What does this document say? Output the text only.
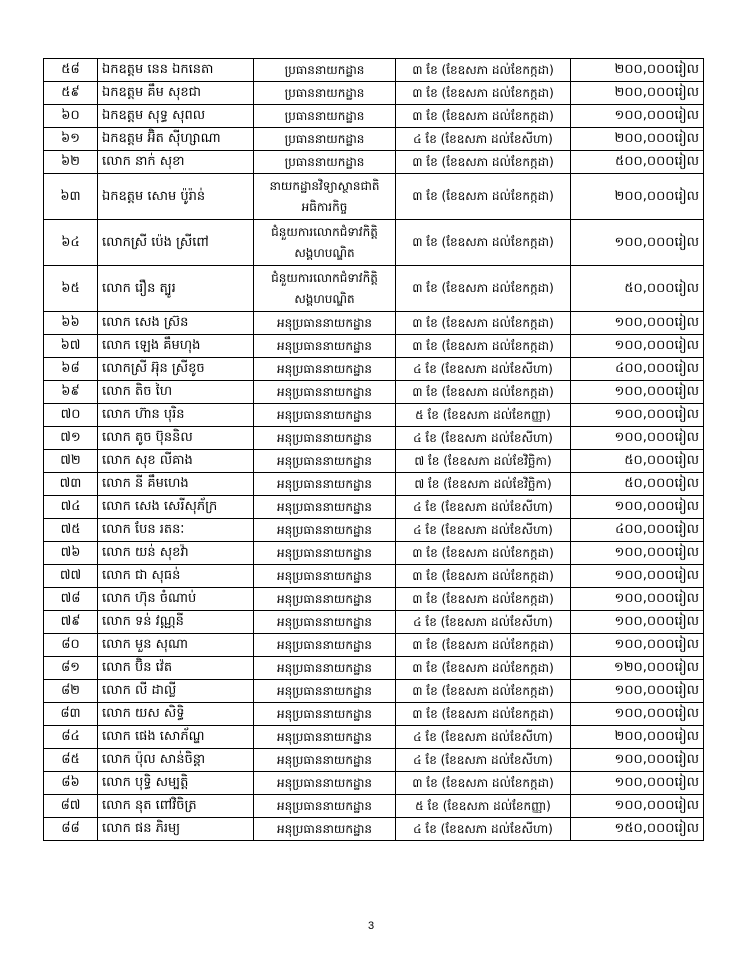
៥៨	ឯកឧត្តម នេន ឯកនេតា	ប្រធាននាយកដ្ឋាន	៣ ខែ (ខែឧសភា ដល់ខែកក្កដា)	២០០,០០០រៀល
៥៩	ឯកឧត្តម គឹម សុខជា	ប្រធាននាយកដ្ឋាន	៣ ខែ (ខែឧសភា ដល់ខែកក្កដា)	២០០,០០០រៀល
៦០	ឯកឧត្តម សុទ្ធ សុពល	ប្រធាននាយកដ្ឋាន	៣ ខែ (ខែឧសភា ដល់ខែកក្កដា)	១០០,០០០រៀល
៦១	ឯកឧត្តម អ៊ិត ស៊ីហ្សាណា	ប្រធាននាយកដ្ឋាន	៤ ខែ (ខែឧសភា ដល់ខែសីហា)	២០០,០០០រៀល
៦២	លោក នាក់ សុខា	ប្រធាននាយកដ្ឋាន	៣ ខែ (ខែឧសភា ដល់ខែកក្កដា)	៥០០,០០០រៀល
៦៣	ឯកឧត្តម សោម ប៉ូរ៉ាន់	នាយកដ្ឋានវិទ្យាស្ថានជាតិ អធិការកិច្ច	៣ ខែ (ខែឧសភា ដល់ខែកក្កដា)	២០០,០០០រៀល
៦៤	លោកស្រី ប៉េង ស្រីពៅ	ជំនួយការលោកជំទាវកិត្តិ សង្គហបណ្ឌិត	៣ ខែ (ខែឧសភា ដល់ខែកក្កដា)	១០០,០០០រៀល
៦៥	លោក រឿន ត្បូរ	ជំនួយការលោកជំទាវកិត្តិ សង្គហបណ្ឌិត	៣ ខែ (ខែឧសភា ដល់ខែកក្កដា)	៥០,០០០រៀល
៦៦	លោក សេង ស្រ៊ន	អនុប្រធាននាយកដ្ឋាន	៣ ខែ (ខែឧសភា ដល់ខែកក្កដា)	១០០,០០០រៀល
៦៧	លោក ឡេង គឹមហុង	អនុប្រធាននាយកដ្ឋាន	៣ ខែ (ខែឧសភា ដល់ខែកក្កដា)	១០០,០០០រៀល
៦៨	លោកស្រី អ៊ុន ស្រីខូច	អនុប្រធាននាយកដ្ឋាន	៤ ខែ (ខែឧសភា ដល់ខែសីហា)	៤០០,០០០រៀល
៦៩	លោក តិច ហៃ	អនុប្រធាននាយកដ្ឋាន	៣ ខែ (ខែឧសភា ដល់ខែកក្កដា)	១០០,០០០រៀល
៧០	លោក ហ៊ាន បុរិន	អនុប្រធាននាយកដ្ឋាន	៥ ខែ (ខែឧសភា ដល់ខែកញ្ញា)	១០០,០០០រៀល
៧១	លោក តូច ប៊ុននិល	អនុប្រធាននាយកដ្ឋាន	៤ ខែ (ខែឧសភា ដល់ខែសីហា)	១០០,០០០រៀល
៧២	លោក សុខ លីគាង	អនុប្រធាននាយកដ្ឋាន	៧ ខែ (ខែឧសភា ដល់ខែវិច្ឆិកា)	៥០,០០០រៀល
៧៣	លោក នី គឹមហេង	អនុប្រធាននាយកដ្ឋាន	៧ ខែ (ខែឧសភា ដល់ខែវិច្ឆិកា)	៥០,០០០រៀល
៧៤	លោក សេង សេរីសុភ័ក្រ	អនុប្រធាននាយកដ្ឋាន	៤ ខែ (ខែឧសភា ដល់ខែសីហា)	១០០,០០០រៀល
៧៥	លោក បែន រតនៈ	អនុប្រធាននាយកដ្ឋាន	៤ ខែ (ខែឧសភា ដល់ខែសីហា)	៤០០,០០០រៀល
៧៦	លោក យន់ សុខវ៉ា	អនុប្រធាននាយកដ្ឋាន	៣ ខែ (ខែឧសភា ដល់ខែកក្កដា)	១០០,០០០រៀល
៧៧	លោក ជា សុធន់	អនុប្រធាននាយកដ្ឋាន	៣ ខែ (ខែឧសភា ដល់ខែកក្កដា)	១០០,០០០រៀល
៧៨	លោក ហ៊ុន ចំណាប់	អនុប្រធាននាយកដ្ឋាន	៣ ខែ (ខែឧសភា ដល់ខែកក្កដា)	១០០,០០០រៀល
៧៩	លោក ទន់ វណ្ណនី	អនុប្រធាននាយកដ្ឋាន	៤ ខែ (ខែឧសភា ដល់ខែសីហា)	១០០,០០០រៀល
៨០	លោក មួន សុណា	អនុប្រធាននាយកដ្ឋាន	៣ ខែ (ខែឧសភា ដល់ខែកក្កដា)	១០០,០០០រៀល
៨១	លោក ប៊ិន វ៉េត	អនុប្រធាននាយកដ្ឋាន	៣ ខែ (ខែឧសភា ដល់ខែកក្កដា)	១២០,០០០រៀល
៨២	លោក លី ដាល្លី	អនុប្រធាននាយកដ្ឋាន	៣ ខែ (ខែឧសភា ដល់ខែកក្កដា)	១០០,០០០រៀល
៨៣	លោក យស សិទ្ធិ	អនុប្រធាននាយកដ្ឋាន	៣ ខែ (ខែឧសភា ដល់ខែកក្កដា)	១០០,០០០រៀល
៨៤	លោក ផេង សោភ័ណ្ឌ	អនុប្រធាននាយកដ្ឋាន	៤ ខែ (ខែឧសភា ដល់ខែសីហា)	២០០,០០០រៀល
៨៥	លោក ប៉ុល សាន់ចិន្តា	អនុប្រធាននាយកដ្ឋាន	៤ ខែ (ខែឧសភា ដល់ខែសីហា)	១០០,០០០រៀល
៨៦	លោក បុទ្ធិ សម្បត្តិ	អនុប្រធាននាយកដ្ឋាន	៣ ខែ (ខែឧសភា ដល់ខែកក្កដា)	១០០,០០០រៀល
៨៧	លោក នុត ពៅវិចិត្រ	អនុប្រធាននាយកដ្ឋាន	៥ ខែ (ខែឧសភា ដល់ខែកញ្ញា)	១០០,០០០រៀល
៨៨	លោក ផន ភិរម្យ	អនុប្រធាននាយកដ្ឋាន	៤ ខែ (ខែឧសភា ដល់ខែសីហា)	១៥០,០០០រៀល
3
